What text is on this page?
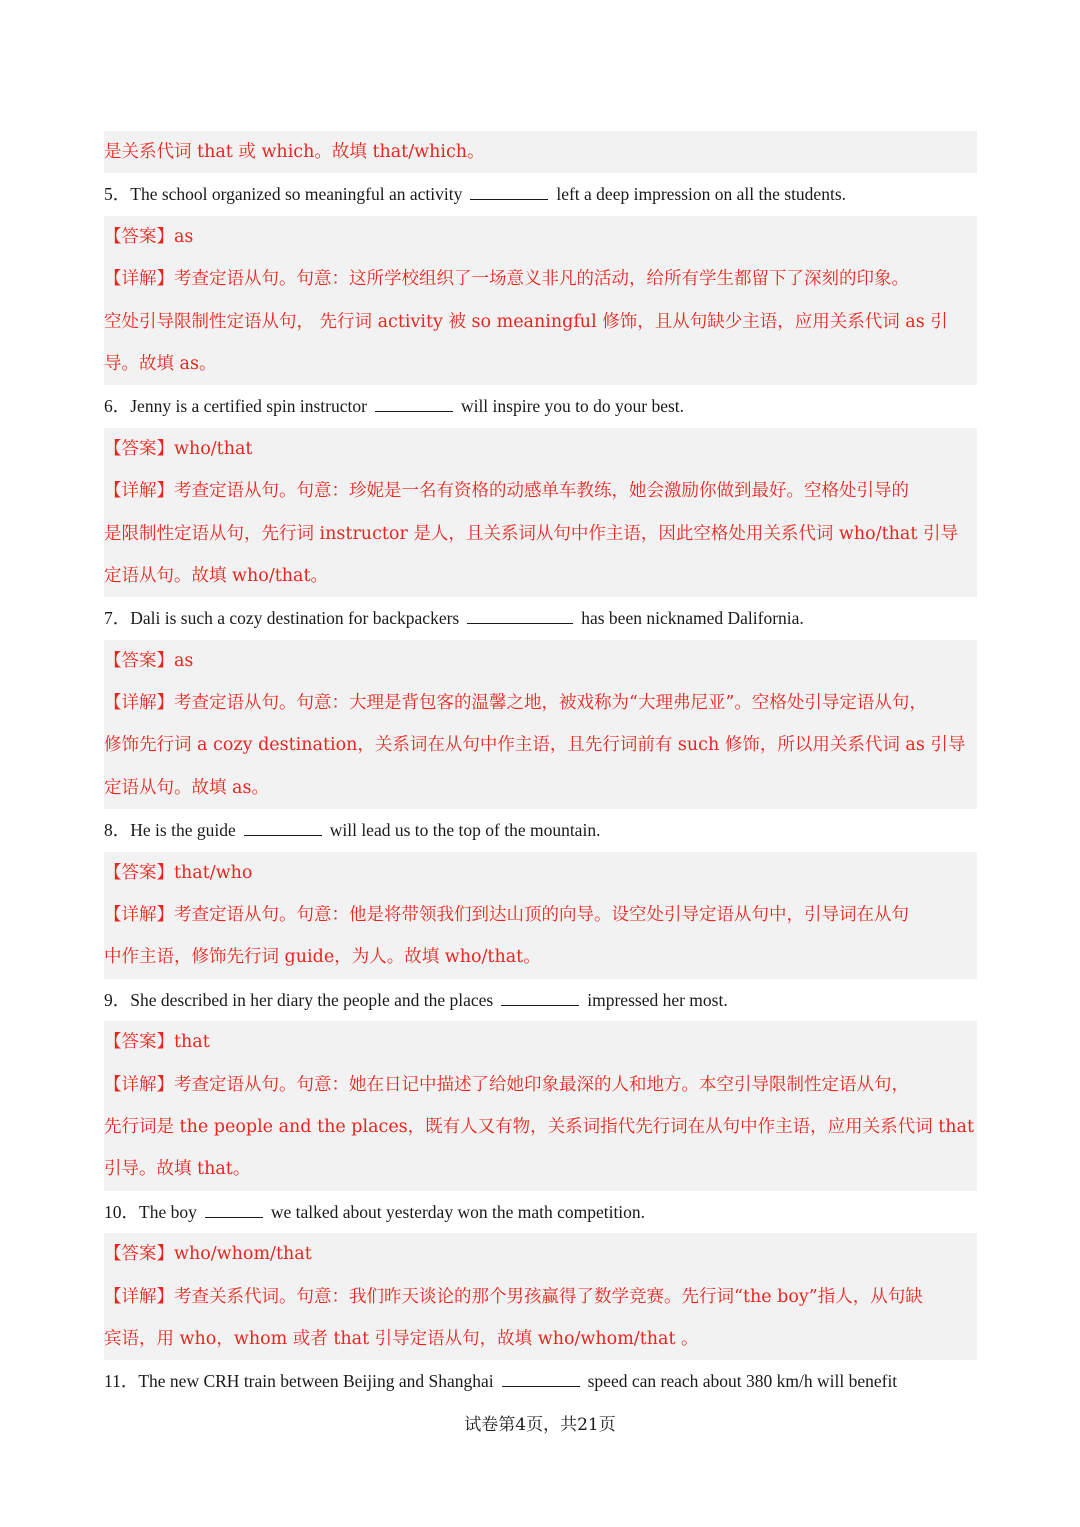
是关系代词 that 或 which。故填 that/which。
5．The school organized so meaningful an activity	left a deep impression on all the students.
【答案】as
【详解】考查定语从句。句意：这所学校组织了一场意义非凡的活动，给所有学生都留下了深刻的印象。
空处引导限制性定语从句， 先行词 activity 被 so meaningful 修饰，且从句缺少主语，应用关系代词 as 引
导。故填 as。
6．Jenny is a certified spin instructor	will inspire you to do your best.
【答案】who/that
【详解】考查定语从句。句意：珍妮是一名有资格的动感单车教练，她会激励你做到最好。空格处引导的
是限制性定语从句，先行词 instructor 是人，且关系词从句中作主语，因此空格处用关系代词 who/that 引导
定语从句。故填 who/that。
7．Dali is such a cozy destination for backpackers	has been nicknamed Dalifornia.
【答案】as
【详解】考查定语从句。句意：大理是背包客的温馨之地，被戏称为“大理弗尼亚”。空格处引导定语从句，
修饰先行词 a cozy destination，关系词在从句中作主语，且先行词前有 such 修饰，所以用关系代词 as 引导
定语从句。故填 as。
8．He is the guide	will lead us to the top of the mountain.
【答案】that/who
【详解】考查定语从句。句意：他是将带领我们到达山顶的向导。设空处引导定语从句中，引导词在从句
中作主语，修饰先行词 guide，为人。故填 who/that。
9．She described in her diary the people and the places	impressed her most.
【答案】that
【详解】考查定语从句。句意：她在日记中描述了给她印象最深的人和地方。本空引导限制性定语从句，
先行词是 the people and the places，既有人又有物，关系词指代先行词在从句中作主语，应用关系代词 that
引导。故填 that。
10．The boy	we talked about yesterday won the math competition.
【答案】who/whom/that
【详解】考查关系代词。句意：我们昨天谈论的那个男孩赢得了数学竞赛。先行词“the boy”指人，从句缺
宾语，用 who，whom 或者 that 引导定语从句，故填 who/whom/that 。
11．The new CRH train between Beijing and Shanghai	speed can reach about 380 km/h will benefit
试卷第4页，共21页
